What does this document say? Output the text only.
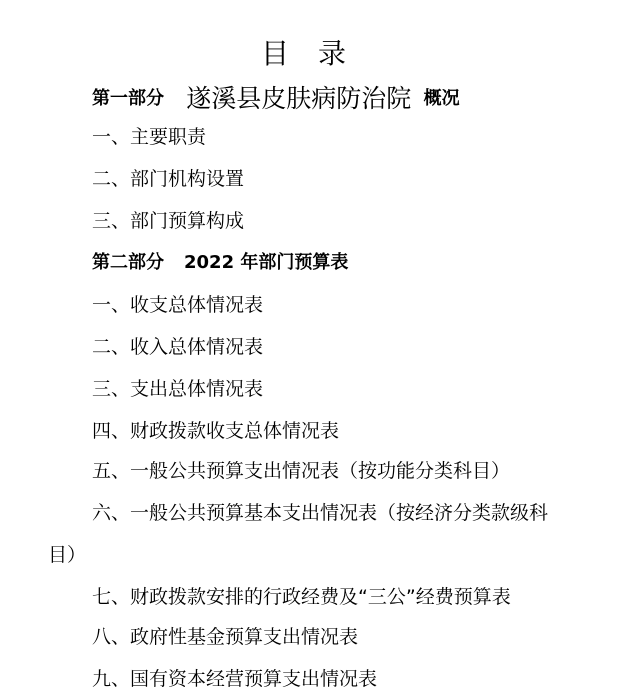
目 录
第一部分 遂溪县皮肤病防治院 概况
一、主要职责
二、部门机构设置
三、部门预算构成
第二部分 2022 年部门预算表
一、收支总体情况表
二、收入总体情况表
三、支出总体情况表
四、财政拨款收支总体情况表
五、一般公共预算支出情况表（按功能分类科目）
六、一般公共预算基本支出情况表（按经济分类款级科
目）
七、财政拨款安排的行政经费及“三公”经费预算表
八、政府性基金预算支出情况表
九、国有资本经营预算支出情况表
